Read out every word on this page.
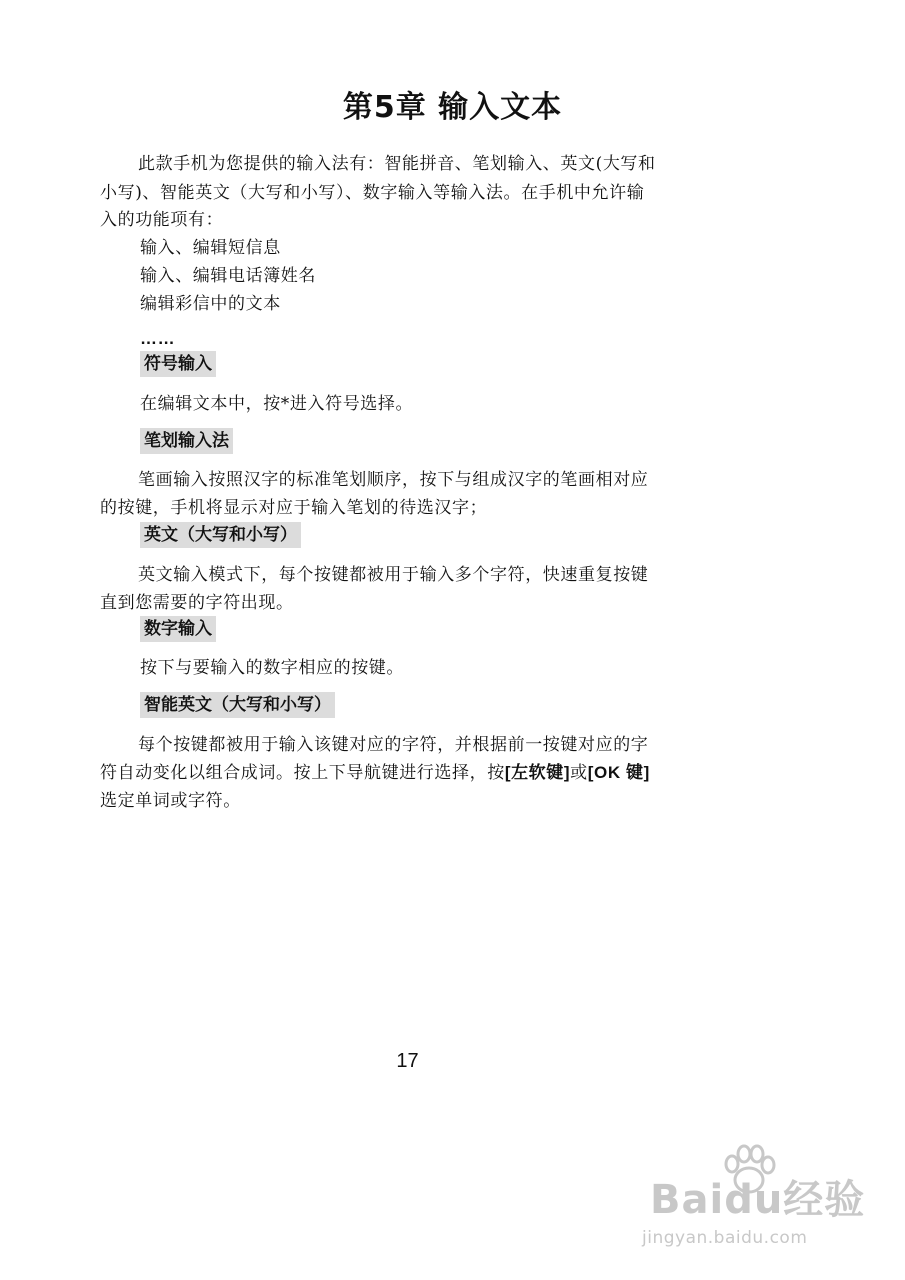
第5章 输入文本
此款手机为您提供的输入法有：智能拼音、笔划输入、英文(大写和
小写)、智能英文（大写和小写）、数字输入等输入法。在手机中允许输
入的功能项有：
输入、编辑短信息
输入、编辑电话簿姓名
编辑彩信中的文本
……
符号输入
在编辑文本中，按*进入符号选择。
笔划输入法
笔画输入按照汉字的标准笔划顺序，按下与组成汉字的笔画相对应
的按键，手机将显示对应于输入笔划的待选汉字；
英文（大写和小写）
英文输入模式下，每个按键都被用于输入多个字符，快速重复按键
直到您需要的字符出现。
数字输入
按下与要输入的数字相应的按键。
智能英文（大写和小写）
每个按键都被用于输入该键对应的字符，并根据前一按键对应的字
符自动变化以组合成词。按上下导航键进行选择，按[左软键]或[OK 键]
选定单词或字符。
17
Baidu经验
jingyan.baidu.com
